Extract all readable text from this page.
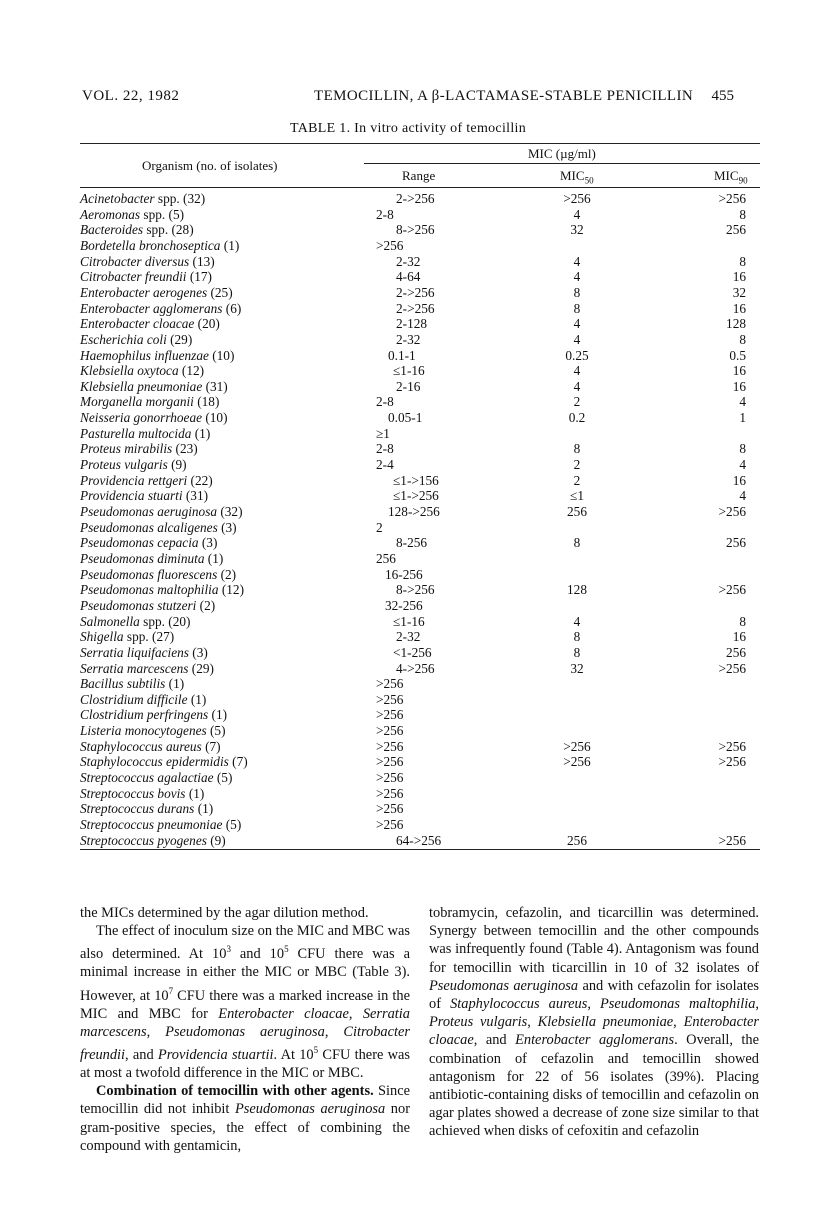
VOL. 22, 1982	TEMOCILLIN, A β-LACTAMASE-STABLE PENICILLIN 455
TABLE 1. In vitro activity of temocillin
Organism (no. of isolates)
MIC (µg/ml)
Range	$MIC_{50}$	$MIC_{90}$
Acinetobacter spp. (32)	2->256	>256	>256
Aeromonas spp. (5)	2-8	4	8
Bacteroides spp. (28)	8->256	32	256
Bordetella bronchoseptica (1)	>256
Citrobacter diversus (13)	2-32	4	8
Citrobacter freundii (17)	4-64	4	16
Enterobacter aerogenes (25)	2->256	8	32
Enterobacter agglomerans (6)	2->256	8	16
Enterobacter cloacae (20)	2-128	4	128
Escherichia coli (29)	2-32	4	8
Haemophilus influenzae (10)	0.1-1	0.25	0.5
Klebsiella oxytoca (12)	≤1-16	4	16
Klebsiella pneumoniae (31)	2-16	4	16
Morganella morganii (18)	2-8	2	4
Neisseria gonorrhoeae (10)	0.05-1	0.2	1
Pasturella multocida (1)	≥1
Proteus mirabilis (23)	2-8	8	8
Proteus vulgaris (9)	2-4	2	4
Providencia rettgeri (22)	≤1->156	2	16
Providencia stuarti (31)	≤1->256	≤1	4
Pseudomonas aeruginosa (32)	128->256	256	>256
Pseudomonas alcaligenes (3)	2
Pseudomonas cepacia (3)	8-256	8	256
Pseudomonas diminuta (1)	256
Pseudomonas fluorescens (2)	16-256
Pseudomonas maltophilia (12)	8->256	128	>256
Pseudomonas stutzeri (2)	32-256
Salmonella spp. (20)	≤1-16	4	8
Shigella spp. (27)	2-32	8	16
Serratia liquifaciens (3)	<1-256	8	256
Serratia marcescens (29)	4->256	32	>256
Bacillus subtilis (1)	>256
Clostridium difficile (1)	>256
Clostridium perfringens (1)	>256
Listeria monocytogenes (5)	>256
Staphylococcus aureus (7)	>256	>256	>256
Staphylococcus epidermidis (7)	>256	>256	>256
Streptococcus agalactiae (5)	>256
Streptococcus bovis (1)	>256
Streptococcus durans (1)	>256
Streptococcus pneumoniae (5)	>256
Streptococcus pyogenes (9)	64->256	256	>256

the MICs determined by the agar dilution method.

The effect of inoculum size on the MIC and MBC was also determined. At $10^3$ and $10^5$ CFU there was a minimal increase in either the MIC or MBC (Table 3). However, at $10^7$ CFU there was a marked increase in the MIC and MBC for Enterobacter cloacae, Serratia marcescens, Pseudomonas aeruginosa, Citrobacter freundii, and Providencia stuartii. At $10^5$ CFU there was at most a twofold difference in the MIC or MBC.

Combination of temocillin with other agents. Since temocillin did not inhibit Pseudomonas aeruginosa nor gram-positive species, the effect of combining the compound with gentamicin,

tobramycin, cefazolin, and ticarcillin was determined. Synergy between temocillin and the other compounds was infrequently found (Table 4). Antagonism was found for temocillin with ticarcillin in 10 of 32 isolates of Pseudomonas aeruginosa and with cefazolin for isolates of Staphylococcus aureus, Pseudomonas maltophilia, Proteus vulgaris, Klebsiella pneumoniae, Enterobacter cloacae, and Enterobacter agglomerans. Overall, the combination of cefazolin and temocillin showed antagonism for 22 of 56 isolates (39%). Placing antibiotic-containing disks of temocillin and cefazolin on agar plates showed a decrease of zone size similar to that achieved when disks of cefoxitin and cefazolin
